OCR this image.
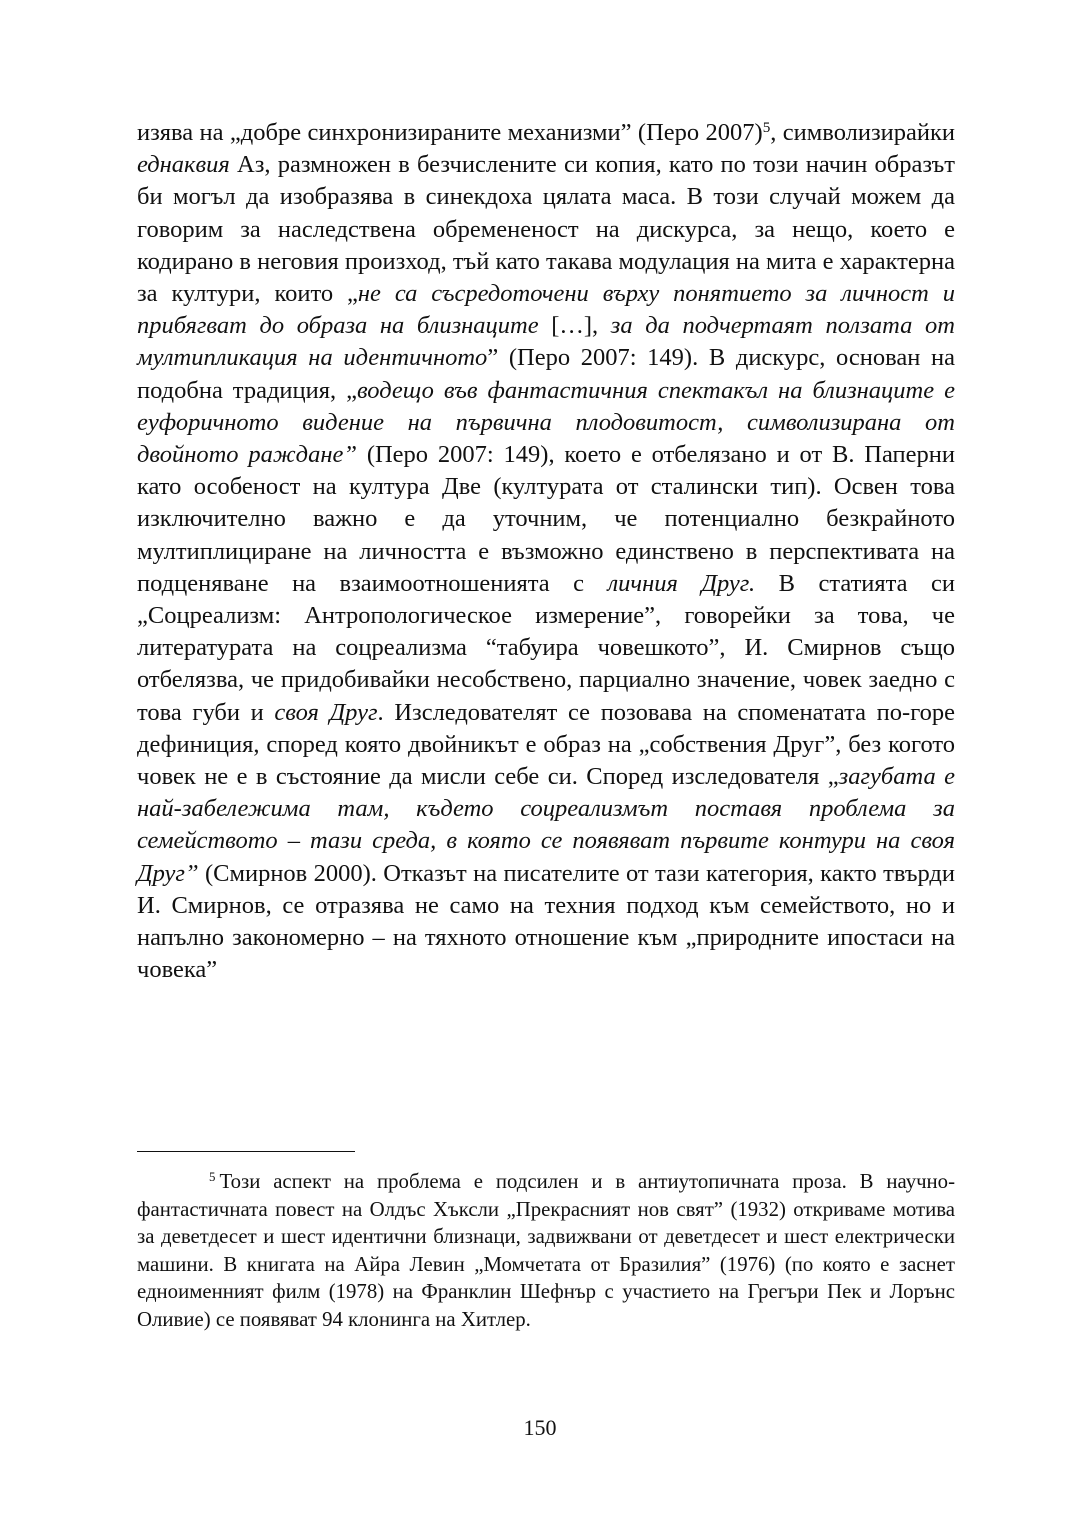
изява на „добре синхронизираните механизми” (Перо 2007)$^5$, символизирайки еднаквия Аз, размножен в безчислените си копия, като по този начин образът би могъл да изобразява в синекдоха цялата маса. В този случай можем да говорим за наследствена обремененост на дискурса, за нещо, което е кодирано в неговия произход, тъй като такава модулация на мита е характерна за култури, които „не са съсредоточени върху понятието за личност и прибягват до образа на близнаците […], за да подчертаят ползата от мултипликация на идентичното” (Перо 2007: 149). В дискурс, основан на подобна традиция, „водещо във фантастичния спектакъл на близнаците е еуфоричното видение на първична плодовитост, символизирана от двойното раждане” (Перо 2007: 149), което е отбелязано и от В. Паперни като особеност на култура Две (културата от сталински тип). Освен това изключително важно е да уточним, че потенциално безкрайното мултиплициране на личността е възможно единствено в перспективата на подценяване на взаимоотношенията с личния Друг. В статията си „Соцреализм: Антропологическое измерение”, говорейки за това, че литературата на соцреализма “табуира човешкото”, И. Смирнов също отбелязва, че придобивайки несобствено, парциално значение, човек заедно с това губи и своя Друг. Изследователят се позовава на споменатата по-горе дефиниция, според която двойникът е образ на „собствения Друг”, без когото човек не е в състояние да мисли себе си. Според изследователя „загубата е най-забележима там, където соцреализмът поставя проблема за семейството – тази среда, в която се появяват първите контури на своя Друг” (Смирнов 2000). Отказът на писателите от тази категория, както твърди И. Смирнов, се отразява не само на техния подход към семейството, но и напълно закономерно – на тяхното отношение към „природните ипостаси на човека”

$^5$ Този аспект на проблема е подсилен и в антиутопичната проза. В научно-фантастичната повест на Олдъс Хъксли „Прекрасният нов свят” (1932) откриваме мотива за деветдесет и шест идентични близнаци, задвижвани от деветдесет и шест електрически машини. В книгата на Айра Левин „Момчетата от Бразилия” (1976) (по която е заснет едноименният филм (1978) на Франклин Шефнър с участието на Грегъри Пек и Лорънс Оливие) се появяват 94 клонинга на Хитлер.

150
